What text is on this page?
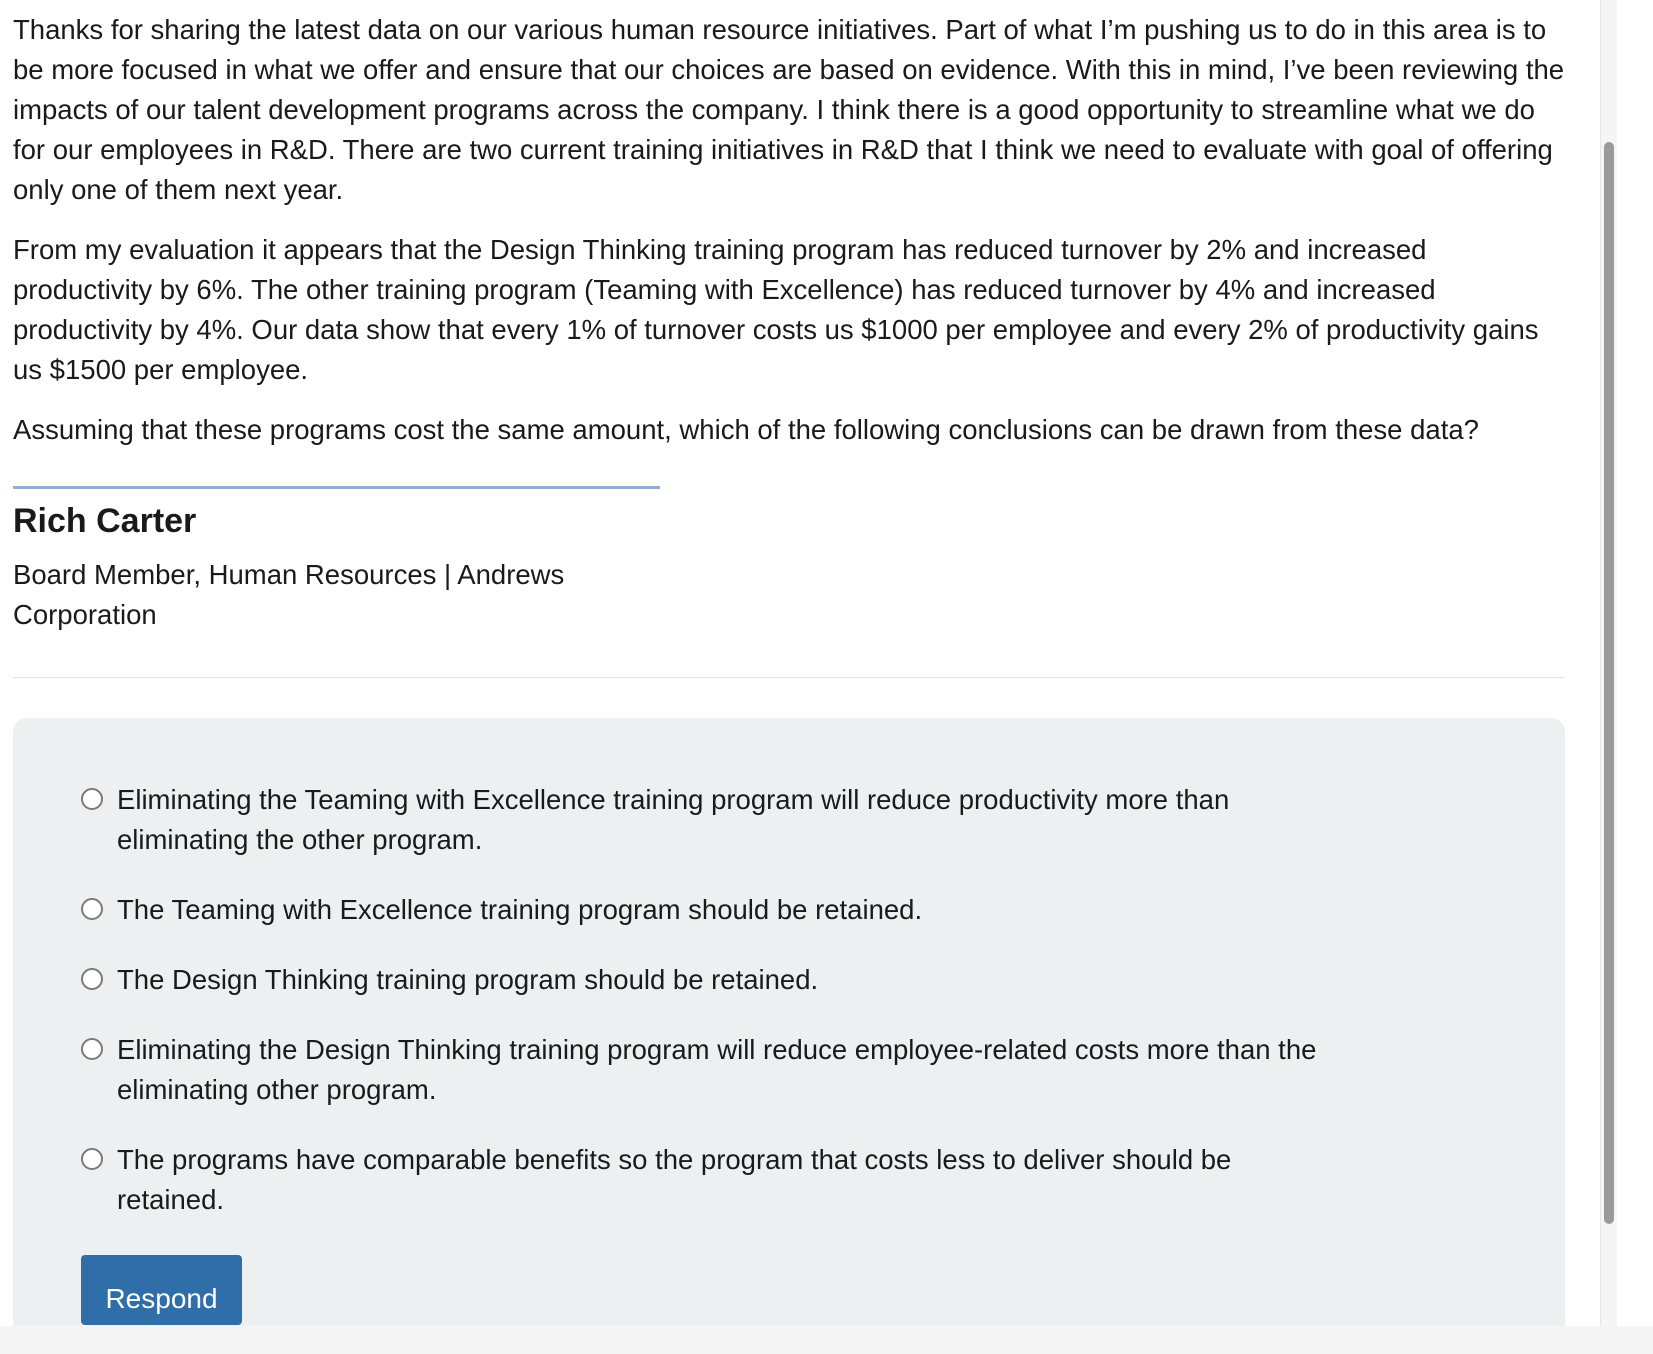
Thanks for sharing the latest data on our various human resource initiatives. Part of what I’m pushing us to do in this area is to be more focused in what we offer and ensure that our choices are based on evidence. With this in mind, I’ve been reviewing the impacts of our talent development programs across the company. I think there is a good opportunity to streamline what we do for our employees in R&D. There are two current training initiatives in R&D that I think we need to evaluate with goal of offering only one of them next year.

From my evaluation it appears that the Design Thinking training program has reduced turnover by 2% and increased productivity by 6%. The other training program (Teaming with Excellence) has reduced turnover by 4% and increased productivity by 4%. Our data show that every 1% of turnover costs us $1000 per employee and every 2% of productivity gains us $1500 per employee.

Assuming that these programs cost the same amount, which of the following conclusions can be drawn from these data?

Rich Carter
Board Member, Human Resources | Andrews Corporation
Eliminating the Teaming with Excellence training program will reduce productivity more than eliminating the other program.
The Teaming with Excellence training program should be retained.
The Design Thinking training program should be retained.
Eliminating the Design Thinking training program will reduce employee-related costs more than the eliminating other program.
The programs have comparable benefits so the program that costs less to deliver should be retained.
Respond
